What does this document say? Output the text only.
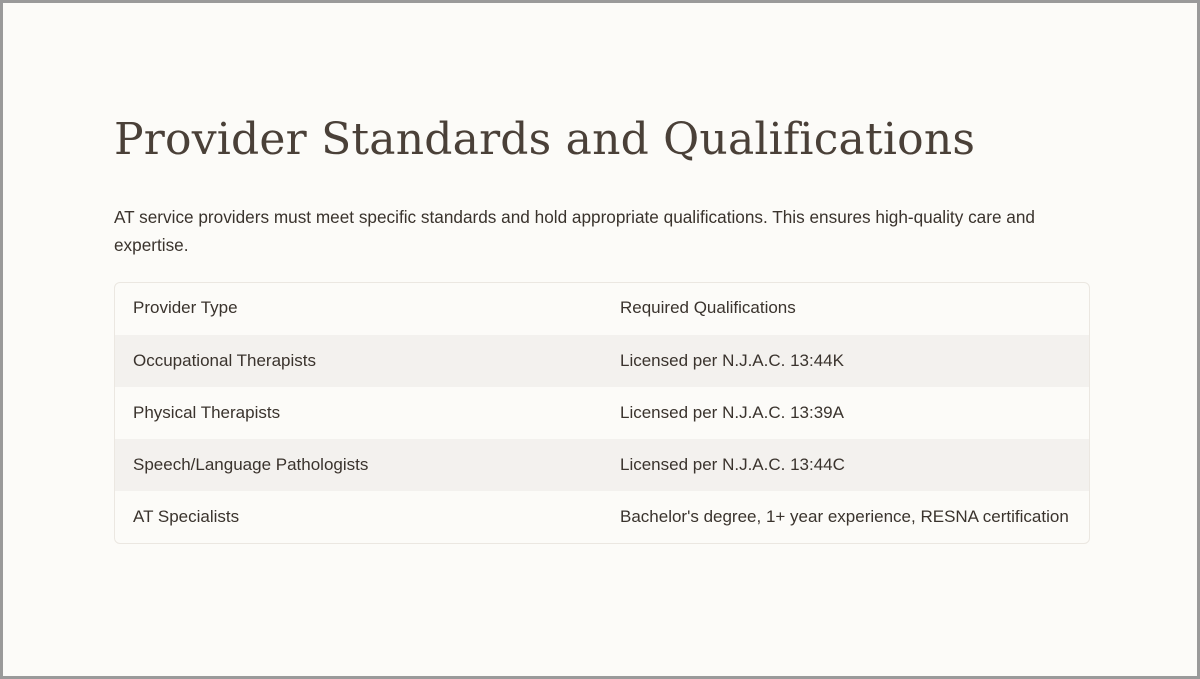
Provider Standards and Qualifications

AT service providers must meet specific standards and hold appropriate qualifications. This ensures high-quality care and expertise.

Provider Type	Required Qualifications
Occupational Therapists	Licensed per N.J.A.C. 13:44K
Physical Therapists	Licensed per N.J.A.C. 13:39A
Speech/Language Pathologists	Licensed per N.J.A.C. 13:44C
AT Specialists	Bachelor's degree, 1+ year experience, RESNA certification
